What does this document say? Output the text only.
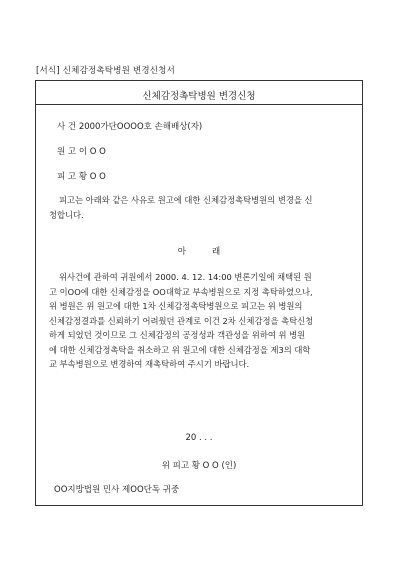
[서식] 신체감정촉탁병원 변경신청서
신체감정촉탁병원 변경신청
사 건 2000가단OOOO호 손해배상(자)
원 고 이 O O
피 고 황 O O
피고는 아래와 같은 사유로 원고에 대한 신체감정촉탁병원의 변경을 신
청합니다.
아래
위사건에 관하여 귀원에서 2000. 4. 12. 14:00 변론기일에 채택된 원
고 이OO에 대한 신체감정을 OO대학교 부속병원으로 지정 촉탁하였으나,
위 병원은 위 원고에 대한 1차 신체감정촉탁병원으로 피고는 위 병원의
신체감정결과를 신뢰하기 어려웠던 관계로 이건 2차 신체감정을 촉탁신청
하게 되었던 것이므로 그 신체감정의 공정성과 객관성을 위하여 위 병원
에 대한 신체감정촉탁을 취소하고 위 원고에 대한 신체감정을 제3의 대학
교 부속병원으로 변경하여 재촉탁하여 주시기 바랍니다.
20 . . .
위 피고 황 O O (인)
OO지방법원 민사 제OO단독 귀중
